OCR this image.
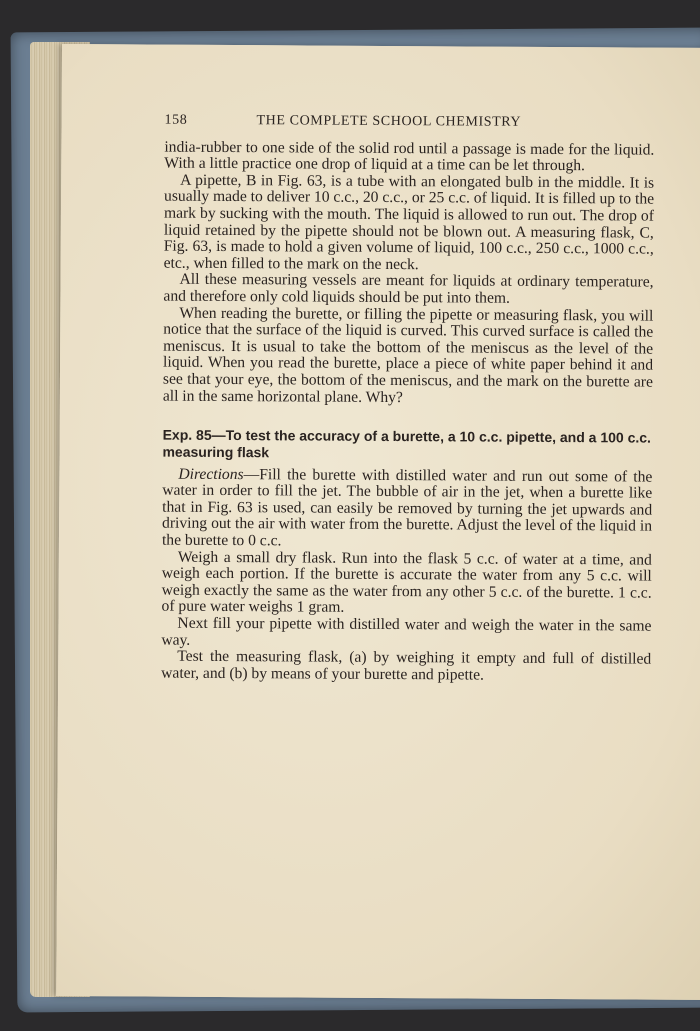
158	THE COMPLETE SCHOOL CHEMISTRY

india-rubber to one side of the solid rod until a passage is made for the liquid. With a little practice one drop of liquid at a time can be let through.

A pipette, B in Fig. 63, is a tube with an elongated bulb in the middle. It is usually made to deliver 10 c.c., 20 c.c., or 25 c.c. of liquid. It is filled up to the mark by sucking with the mouth. The liquid is allowed to run out. The drop of liquid retained by the pipette should not be blown out. A measuring flask, C, Fig. 63, is made to hold a given volume of liquid, 100 c.c., 250 c.c., 1000 c.c., etc., when filled to the mark on the neck.

All these measuring vessels are meant for liquids at ordinary temperature, and therefore only cold liquids should be put into them.

When reading the burette, or filling the pipette or measuring flask, you will notice that the surface of the liquid is curved. This curved surface is called the meniscus. It is usual to take the bottom of the meniscus as the level of the liquid. When you read the burette, place a piece of white paper behind it and see that your eye, the bottom of the meniscus, and the mark on the burette are all in the same horizontal plane. Why?

Exp. 85—To test the accuracy of a burette, a 10 c.c. pipette, and a 100 c.c. measuring flask

Directions—Fill the burette with distilled water and run out some of the water in order to fill the jet. The bubble of air in the jet, when a burette like that in Fig. 63 is used, can easily be removed by turning the jet upwards and driving out the air with water from the burette. Adjust the level of the liquid in the burette to 0 c.c.

Weigh a small dry flask. Run into the flask 5 c.c. of water at a time, and weigh each portion. If the burette is accurate the water from any 5 c.c. will weigh exactly the same as the water from any other 5 c.c. of the burette. 1 c.c. of pure water weighs 1 gram.

Next fill your pipette with distilled water and weigh the water in the same way.

Test the measuring flask, (a) by weighing it empty and full of distilled water, and (b) by means of your burette and pipette.
